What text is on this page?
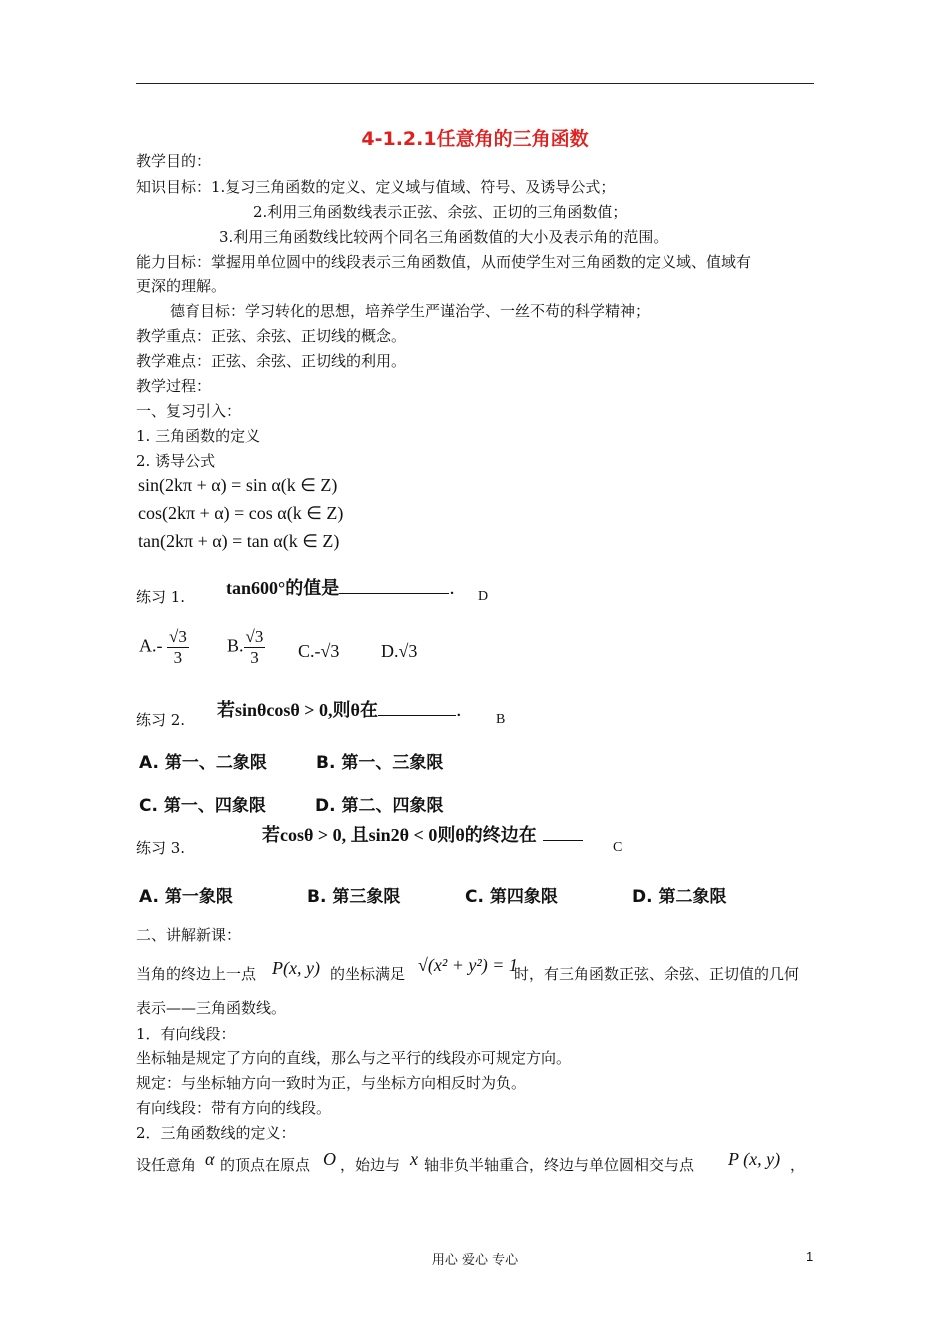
4-1.2.1任意角的三角函数
教学目的：
知识目标：1.复习三角函数的定义、定义域与值域、符号、及诱导公式；
2.利用三角函数线表示正弦、余弦、正切的三角函数值；
3.利用三角函数线比较两个同名三角函数值的大小及表示角的范围。
能力目标：掌握用单位圆中的线段表示三角函数值，从而使学生对三角函数的定义域、值域有
更深的理解。
德育目标：学习转化的思想，培养学生严谨治学、一丝不苟的科学精神；
教学重点：正弦、余弦、正切线的概念。
教学难点：正弦、余弦、正切线的利用。
教学过程：
一、复习引入：
1. 三角函数的定义
2. 诱导公式
sin(2kπ + α) = sin α(k ∈ Z)
cos(2kπ + α) = cos α(k ∈ Z)
tan(2kπ + α) = tan α(k ∈ Z)
练习 1. tan600°的值是	． D
$A.- \frac{√3}{3} B$. $\frac{√3}{3} C.-√3$ D.√3
练习 2. 若sinθcosθ > 0,则θ在	． B
A. 第一、二象限	B. 第一、三象限
C. 第一、四象限	D. 第二、四象限
练习 3.
若cosθ > 0, 且sin2θ < 0则θ的终边在
C
A. 第一象限	B. 第三象限	C. 第四象限	D. 第二象限
二、讲解新课：
当角的终边上一点 P(x, y) 的坐标满足 √(x² + y²) = 1
时，有三角函数正弦、余弦、正切值的几何
表示——三角函数线。
1．有向线段：
坐标轴是规定了方向的直线，那么与之平行的线段亦可规定方向。
规定：与坐标轴方向一致时为正，与坐标方向相反时为负。
有向线段：带有方向的线段。
2．三角函数线的定义：
设任意角 α 的顶点在原点 O ，始边与 x 轴非负半轴重合，终边与单位圆相交与点 P (x, y) ，
用心 爱心 专心	1
